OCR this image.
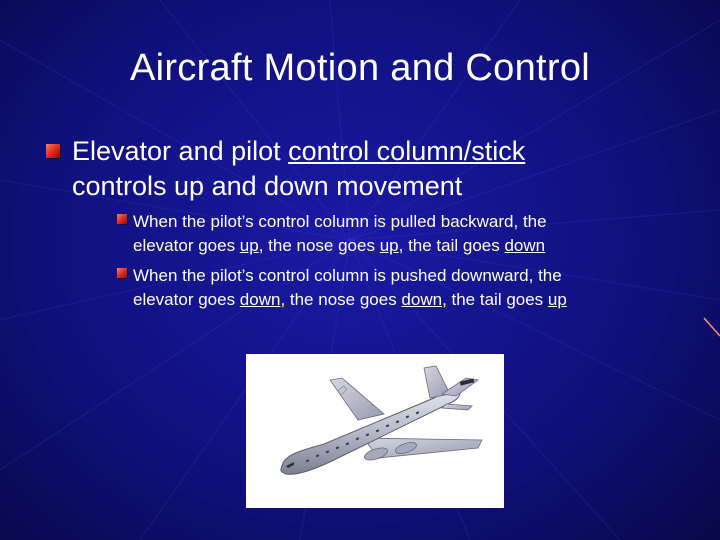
Aircraft Motion and Control
Elevator and pilot control column/stick
controls up and down movement
When the pilot’s control column is pulled backward, the
elevator goes up, the nose goes up, the tail goes down
When the pilot’s control column is pushed downward, the
elevator goes down, the nose goes down, the tail goes up
